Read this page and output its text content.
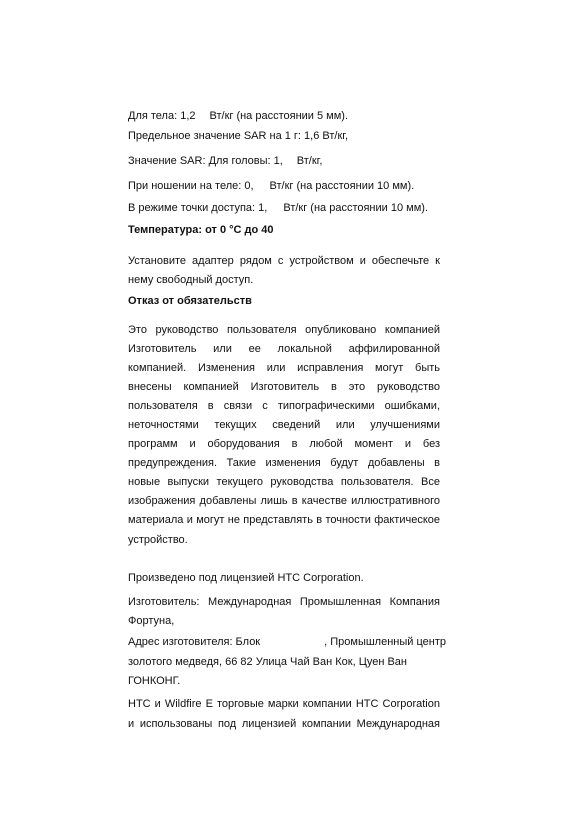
Для тела: 1,2 Вт/кг (на расстоянии 5 мм).

Предельное значение SAR на 1 г: 1,6 Вт/кг,

Значение SAR: Для головы: 1, Вт/кг,

При ношении на теле: 0, Вт/кг (на расстоянии 10 мм).

В режиме точки доступа: 1, Вт/кг (на расстоянии 10 мм).

Температура: от 0 °C до 40

Установите адаптер рядом с устройством и обеспечьте к

нему свободный доступ.

Отказ от обязательств

Это руководство пользователя опубликовано компанией

Изготовитель или ее локальной аффилированной

компанией. Изменения или исправления могут быть

внесены компанией Изготовитель в это руководство

пользователя в связи с типографическими ошибками,

неточностями текущих сведений или улучшениями

программ и оборудования в любой момент и без

предупреждения. Такие изменения будут добавлены в

новые выпуски текущего руководства пользователя. Все

изображения добавлены лишь в качестве иллюстративного

материала и могут не представлять в точности фактическое

устройство.

Произведено под лицензией HTC Corporation.

Изготовитель: Международная Промышленная Компания

Фортуна,

Адрес изготовителя: Блок	, Промышленный центр

золотого медведя, 66 82 Улица Чай Ван Кок, Цуен Ван

ГОНКОНГ.

HTC и Wildfire E торговые марки компании HTC Corporation

и использованы под лицензией компании Международная
